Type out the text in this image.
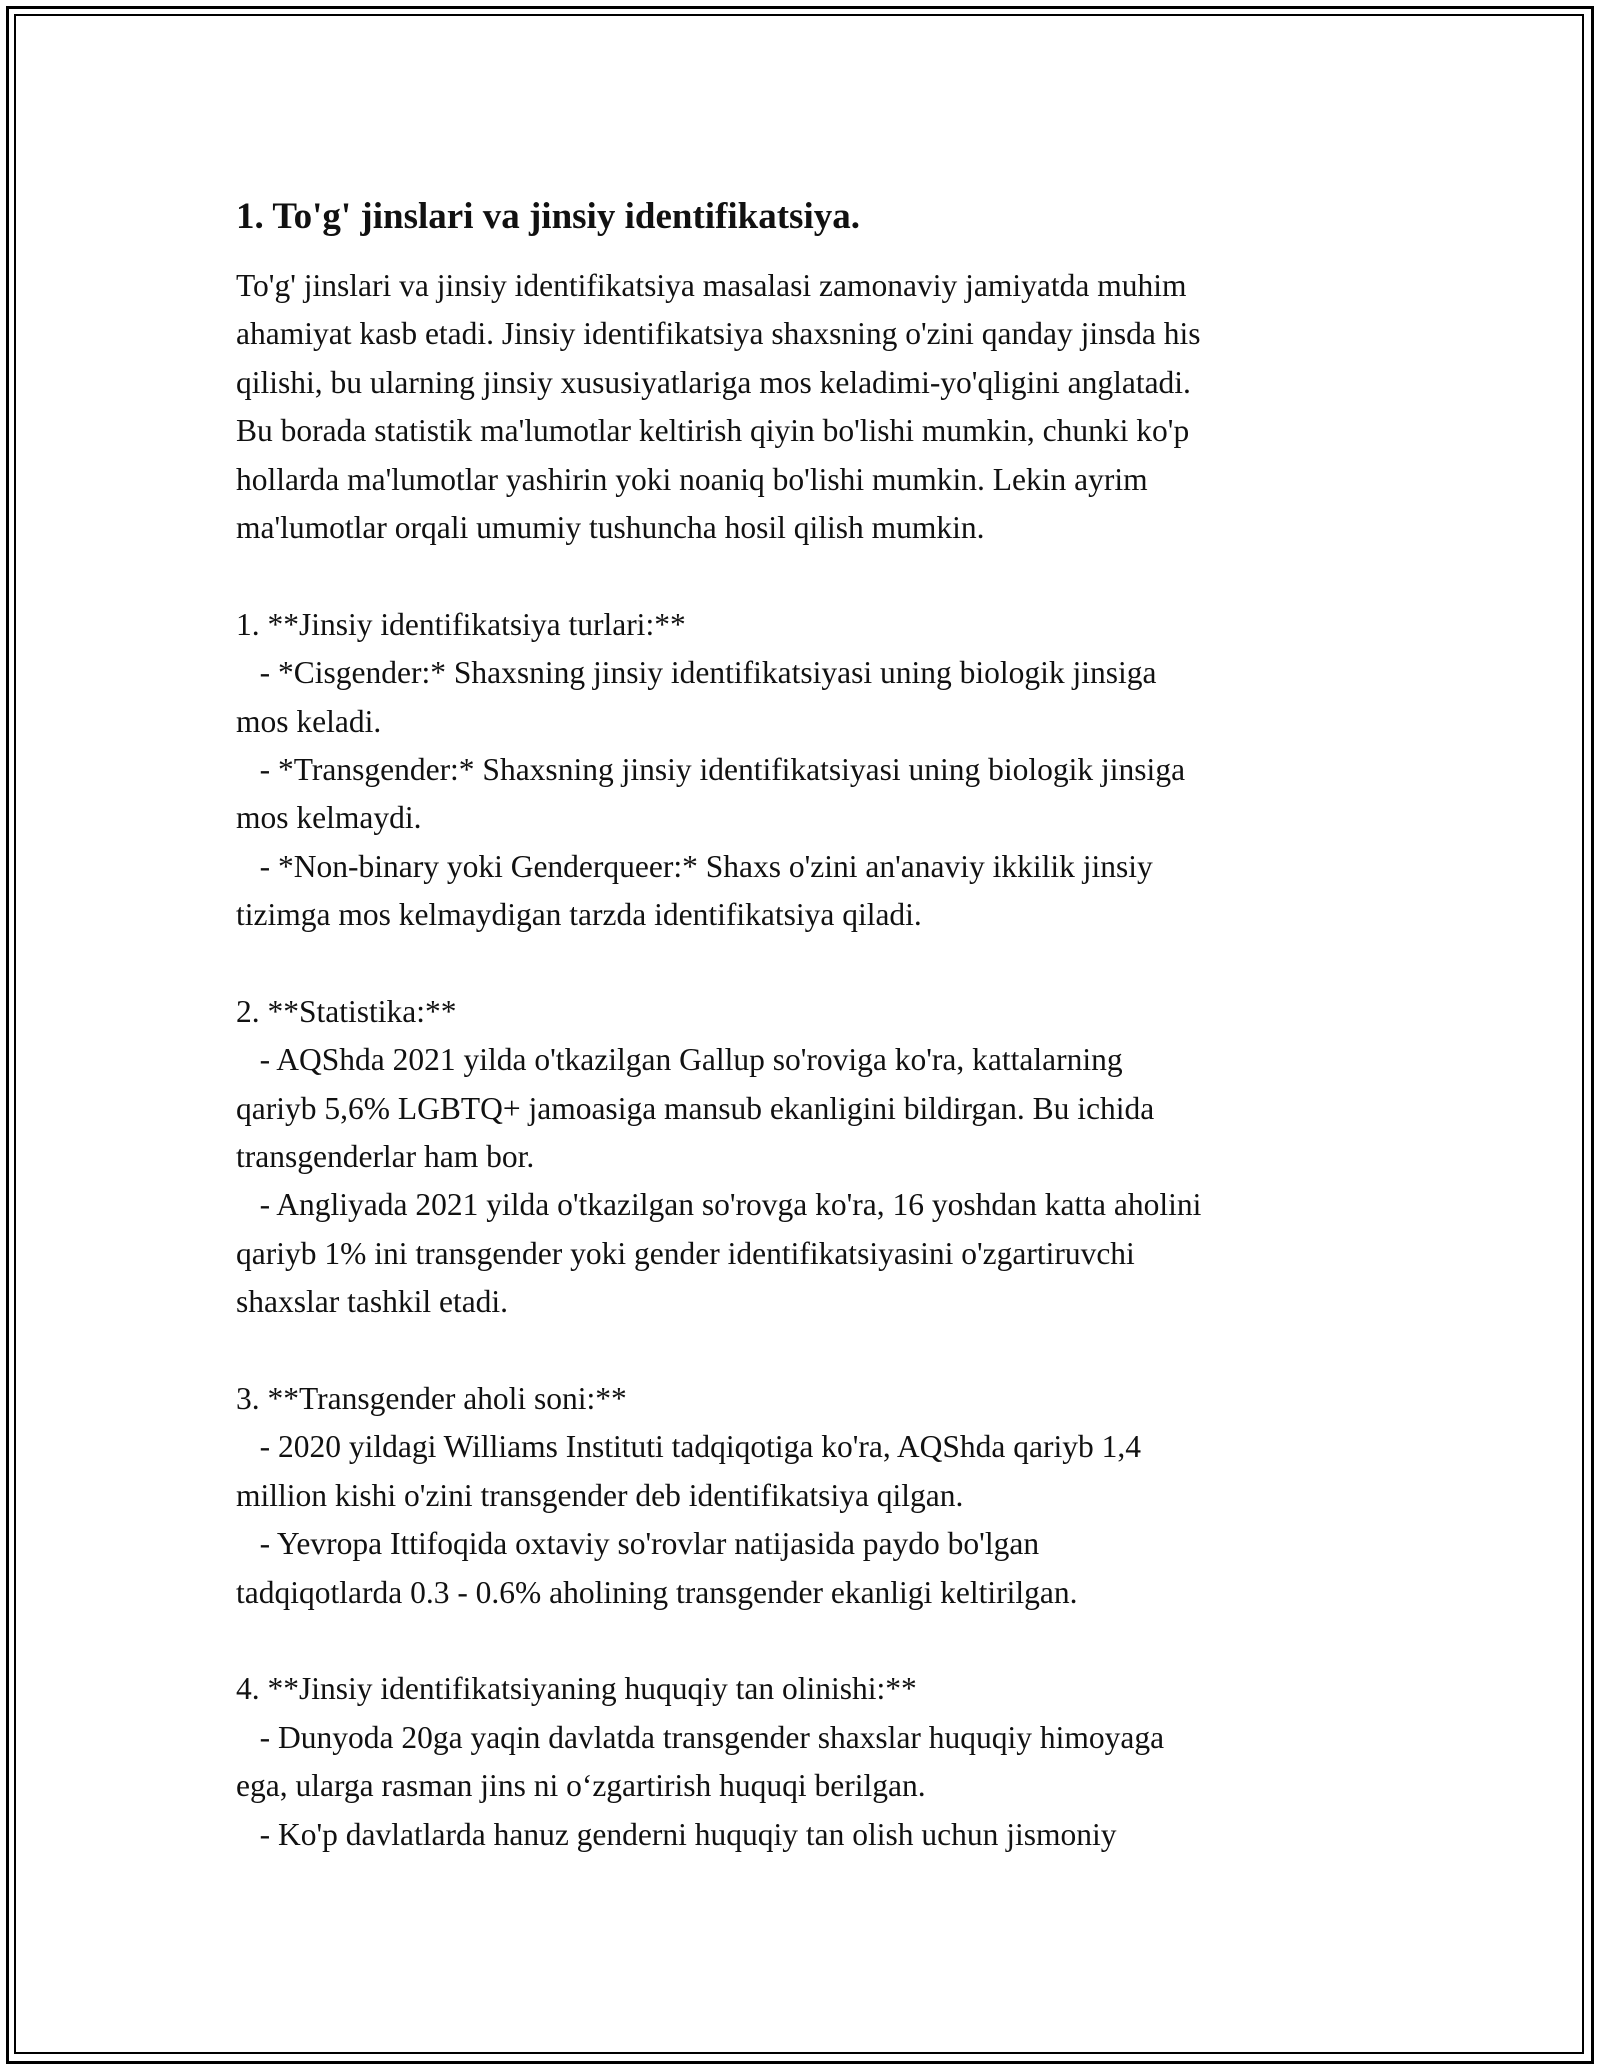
1. To'g' jinslari va jinsiy identifikatsiya.
To'g' jinslari va jinsiy identifikatsiya masalasi zamonaviy jamiyatda muhim
ahamiyat kasb etadi. Jinsiy identifikatsiya shaxsning o'zini qanday jinsda his
qilishi, bu ularning jinsiy xususiyatlariga mos keladimi-yo'qligini anglatadi.
Bu borada statistik ma'lumotlar keltirish qiyin bo'lishi mumkin, chunki ko'p
hollarda ma'lumotlar yashirin yoki noaniq bo'lishi mumkin. Lekin ayrim
ma'lumotlar orqali umumiy tushuncha hosil qilish mumkin.
1. **Jinsiy identifikatsiya turlari:**
- *Cisgender:* Shaxsning jinsiy identifikatsiyasi uning biologik jinsiga
mos keladi.
- *Transgender:* Shaxsning jinsiy identifikatsiyasi uning biologik jinsiga
mos kelmaydi.
- *Non-binary yoki Genderqueer:* Shaxs o'zini an'anaviy ikkilik jinsiy
tizimga mos kelmaydigan tarzda identifikatsiya qiladi.
2. **Statistika:**
- AQShda 2021 yilda o'tkazilgan Gallup so'roviga ko'ra, kattalarning
qariyb 5,6% LGBTQ+ jamoasiga mansub ekanligini bildirgan. Bu ichida
transgenderlar ham bor.
- Angliyada 2021 yilda o'tkazilgan so'rovga ko'ra, 16 yoshdan katta aholini
qariyb 1% ini transgender yoki gender identifikatsiyasini o'zgartiruvchi
shaxslar tashkil etadi.
3. **Transgender aholi soni:**
- 2020 yildagi Williams Instituti tadqiqotiga ko'ra, AQShda qariyb 1,4
million kishi o'zini transgender deb identifikatsiya qilgan.
- Yevropa Ittifoqida oxtaviy so'rovlar natijasida paydo bo'lgan
tadqiqotlarda 0.3 - 0.6% aholining transgender ekanligi keltirilgan.
4. **Jinsiy identifikatsiyaning huquqiy tan olinishi:**
- Dunyoda 20ga yaqin davlatda transgender shaxslar huquqiy himoyaga
ega, ularga rasman jins ni o‘zgartirish huquqi berilgan.
- Ko'p davlatlarda hanuz genderni huquqiy tan olish uchun jismoniy
